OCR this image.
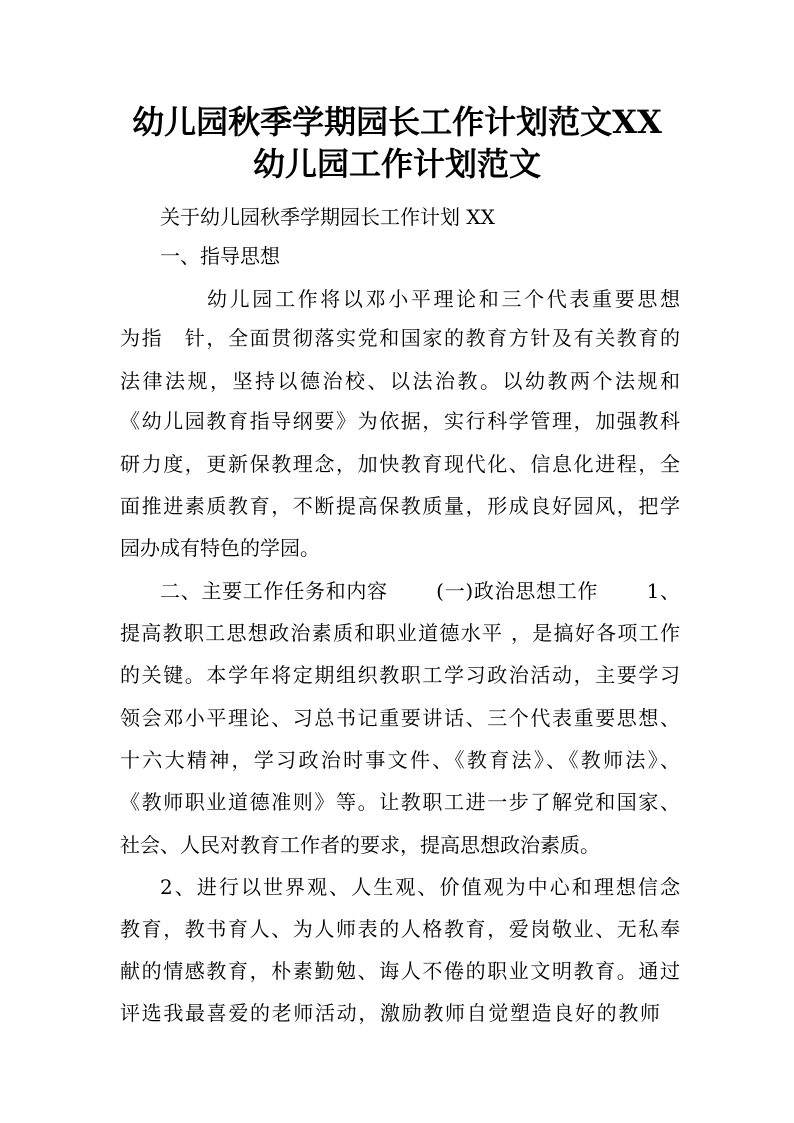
幼儿园秋季学期园长工作计划范文XX
幼儿园工作计划范文
关于幼儿园秋季学期园长工作计划 XX
一、指导思想
幼儿园工作将以邓小平理论和三个代表重要思想
为指　针，全面贯彻落实党和国家的教育方针及有关教育的
法律法规，坚持以德治校、以法治教。以幼教两个法规和
《幼儿园教育指导纲要》为依据，实行科学管理，加强教科
研力度，更新保教理念，加快教育现代化、信息化进程，全
面推进素质教育，不断提高保教质量，形成良好园风，把学
园办成有特色的学园。
二、主要工作任务和内容　　 (一)政治思想工作　　 1、
提高教职工思想政治素质和职业道德水平 ，是搞好各项工作
的关键。本学年将定期组织教职工学习政治活动，主要学习
领会邓小平理论、习总书记重要讲话、三个代表重要思想、
十六大精神，学习政治时事文件、《教育法》、《教师法》、
《教师职业道德准则》等。让教职工进一步了解党和国家、
社会、人民对教育工作者的要求，提高思想政治素质。
2、进行以世界观、人生观、价值观为中心和理想信念
教育，教书育人、为人师表的人格教育，爱岗敬业、无私奉
献的情感教育，朴素勤勉、诲人不倦的职业文明教育。通过
评选我最喜爱的老师活动，激励教师自觉塑造良好的教师
